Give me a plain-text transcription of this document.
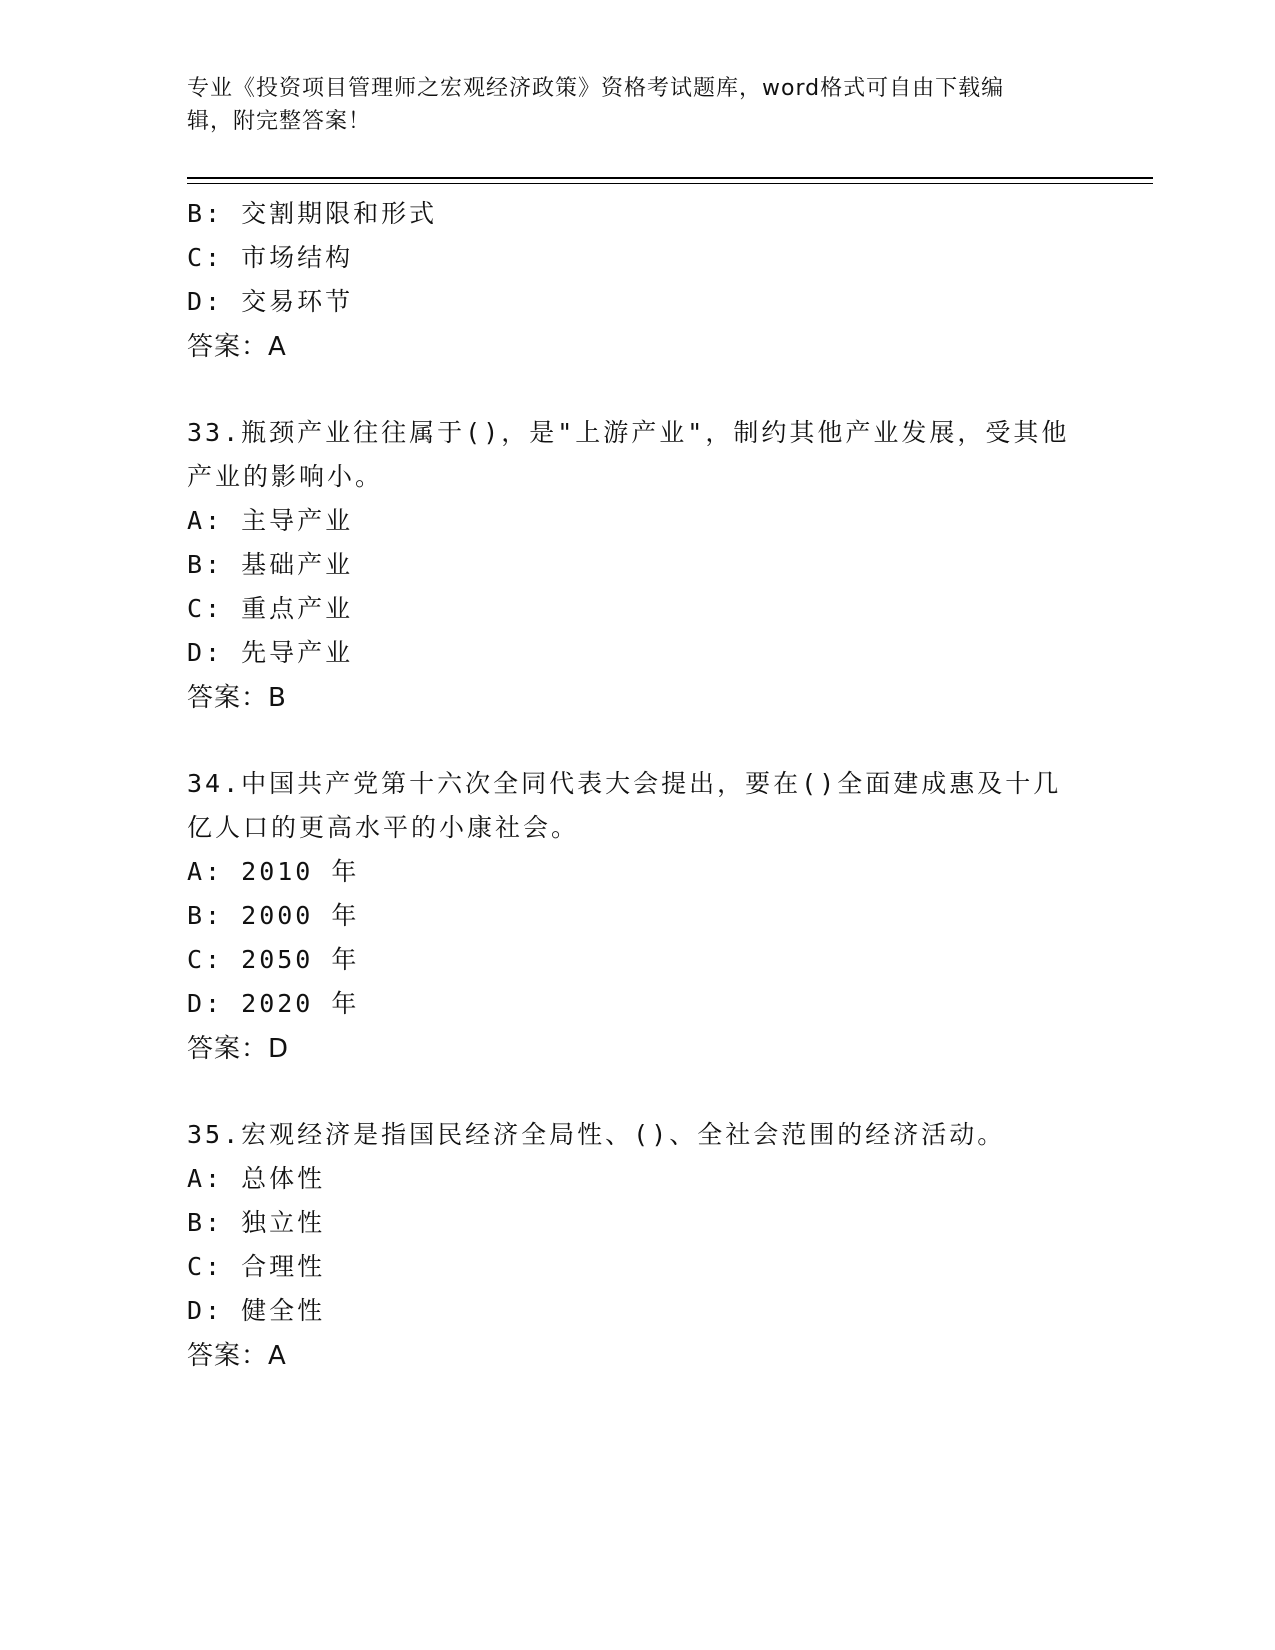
专业《投资项目管理师之宏观经济政策》资格考试题库，word格式可自由下载编
辑，附完整答案！
B: 交割期限和形式
C: 市场结构
D: 交易环节
答案：A
33.瓶颈产业往往属于()，是"上游产业"，制约其他产业发展，受其他
产业的影响小。
A: 主导产业
B: 基础产业
C: 重点产业
D: 先导产业
答案：B
34.中国共产党第十六次全同代表大会提出，要在()全面建成惠及十几
亿人口的更高水平的小康社会。
A: 2010 年
B: 2000 年
C: 2050 年
D: 2020 年
答案：D
35.宏观经济是指国民经济全局性、()、全社会范围的经济活动。
A: 总体性
B: 独立性
C: 合理性
D: 健全性
答案：A
